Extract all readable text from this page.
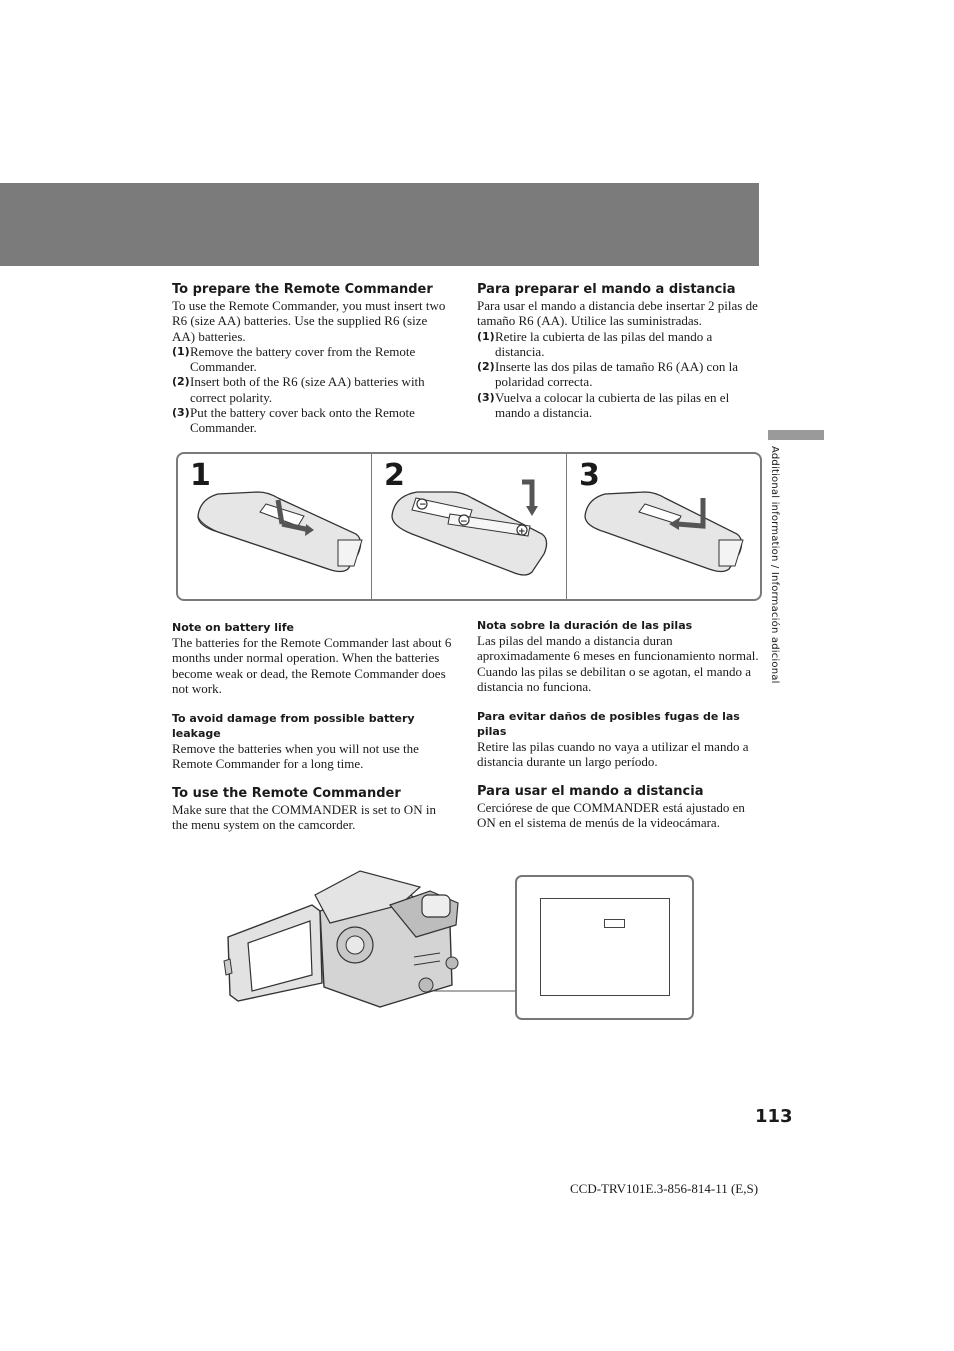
Additional information / Información adicional
To prepare the Remote Commander

To use the Remote Commander, you must insert two R6 (size AA) batteries. Use the supplied R6 (size AA) batteries.

(1) Remove the battery cover from the Remote Commander.
(2) Insert both of the R6 (size AA) batteries with correct polarity.
(3) Put the battery cover back onto the Remote Commander.
Para preparar el mando a distancia

Para usar el mando a distancia debe insertar 2 pilas de tamaño R6 (AA). Utilice las suministradas.

(1) Retire la cubierta de las pilas del mando a distancia.
(2) Inserte las dos pilas de tamaño R6 (AA) con la polaridad correcta.
(3) Vuelva a colocar la cubierta de las pilas en el mando a distancia.
1
−
−
+
2	3
Note on battery life

The batteries for the Remote Commander last about 6 months under normal operation. When the batteries become weak or dead, the Remote Commander does not work.

To avoid damage from possible battery leakage

Remove the batteries when you will not use the Remote Commander for a long time.

To use the Remote Commander

Make sure that the COMMANDER is set to ON in the menu system on the camcorder.

Nota sobre la duración de las pilas

Las pilas del mando a distancia duran aproximadamente 6 meses en funcionamiento normal. Cuando las pilas se debilitan o se agotan, el mando a distancia no funciona.

Para evitar daños de posibles fugas de las pilas

Retire las pilas cuando no vaya a utilizar el mando a distancia durante un largo período.

Para usar el mando a distancia

Cerciórese de que COMMANDER está ajustado en ON en el sistema de menús de la videocámara.

113
CCD-TRV101E.3-856-814-11 (E,S)
